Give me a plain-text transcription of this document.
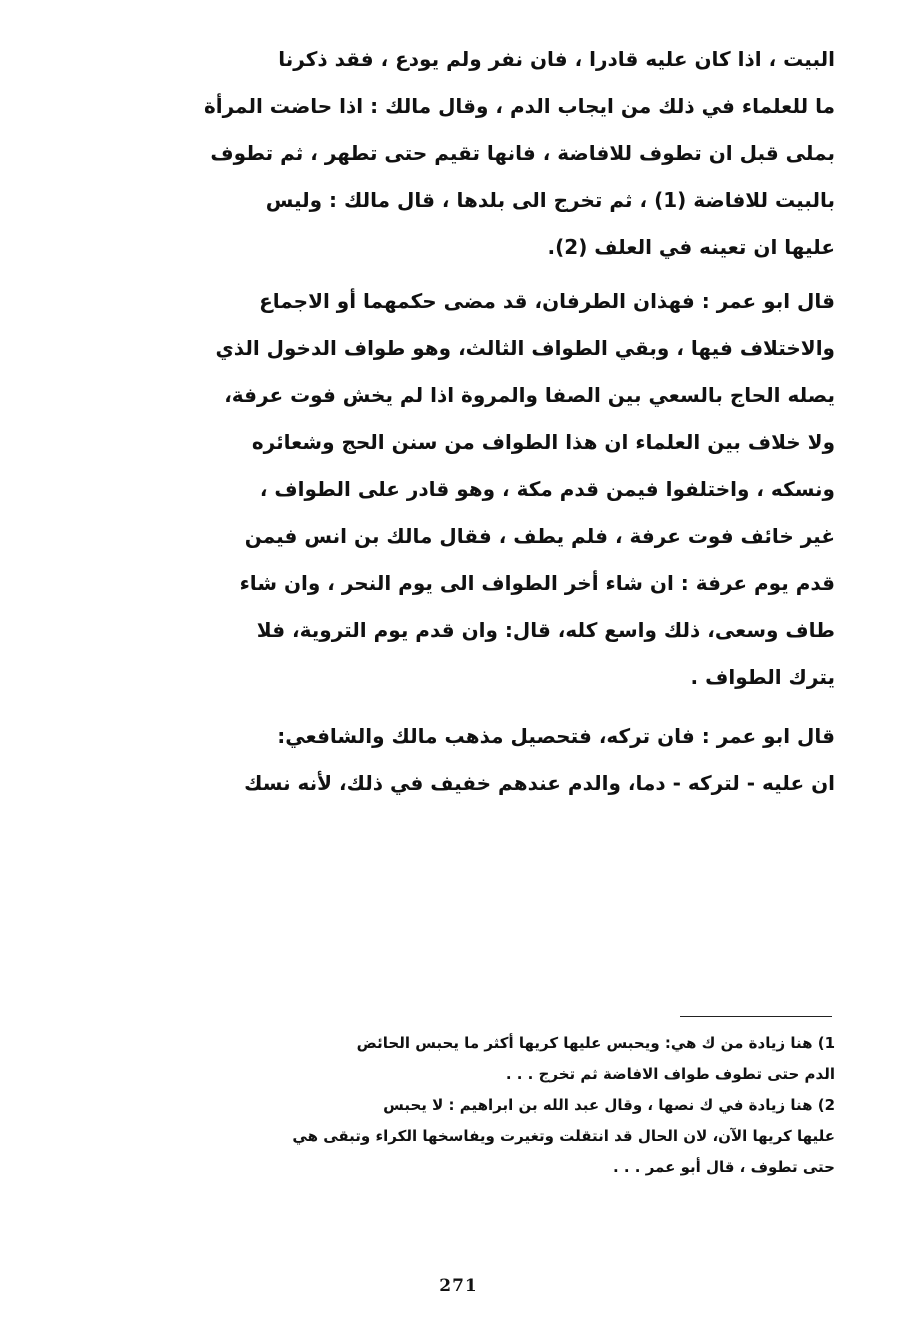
البيت ، اذا كان عليه قادرا ، فان نفر ولم يودع ، فقد ذكرنا
ما للعلماء في ذلك من ايجاب الدم ، وقال مالك : اذا حاضت المرأة
بملى قبل ان تطوف للافاضة ، فانها تقيم حتى تطهر ، ثم تطوف
بالبيت للافاضة (1) ، ثم تخرج الى بلدها ، قال مالك : وليس
عليها ان تعينه في العلف (2).
قال ابو عمر : فهذان الطرفان، قد مضى حكمهما أو الاجماع
والاختلاف فيها ، وبقي الطواف الثالث، وهو طواف الدخول الذي
يصله الحاج بالسعي بين الصفا والمروة اذا لم يخش فوت عرفة،
ولا خلاف بين العلماء ان هذا الطواف من سنن الحج وشعائره
ونسكه ، واختلفوا فيمن قدم مكة ، وهو قادر على الطواف ،
غير خائف فوت عرفة ، فلم يطف ، فقال مالك بن انس فيمن
قدم يوم عرفة : ان شاء أخر الطواف الى يوم النحر ، وان شاء
طاف وسعى، ذلك واسع كله، قال: وان قدم يوم التروية، فلا
يترك الطواف .
قال ابو عمر : فان تركه، فتحصيل مذهب مالك والشافعي:
ان عليه - لتركه - دما، والدم عندهم خفيف في ذلك، لأنه نسك
1) هنا زيادة من ك هي: ويحبس عليها كريها أكثر ما يحبس الحائض
الدم حتى تطوف طواف الافاضة ثم تخرج . . .
2) هنا زيادة في ك نصها ، وقال عبد الله بن ابراهيم : لا يحبس
عليها كريها الآن، لان الحال قد انتقلت وتغيرت ويفاسخها الكراء وتبقى هي
حتى تطوف ، قال أبو عمر . . .
271
